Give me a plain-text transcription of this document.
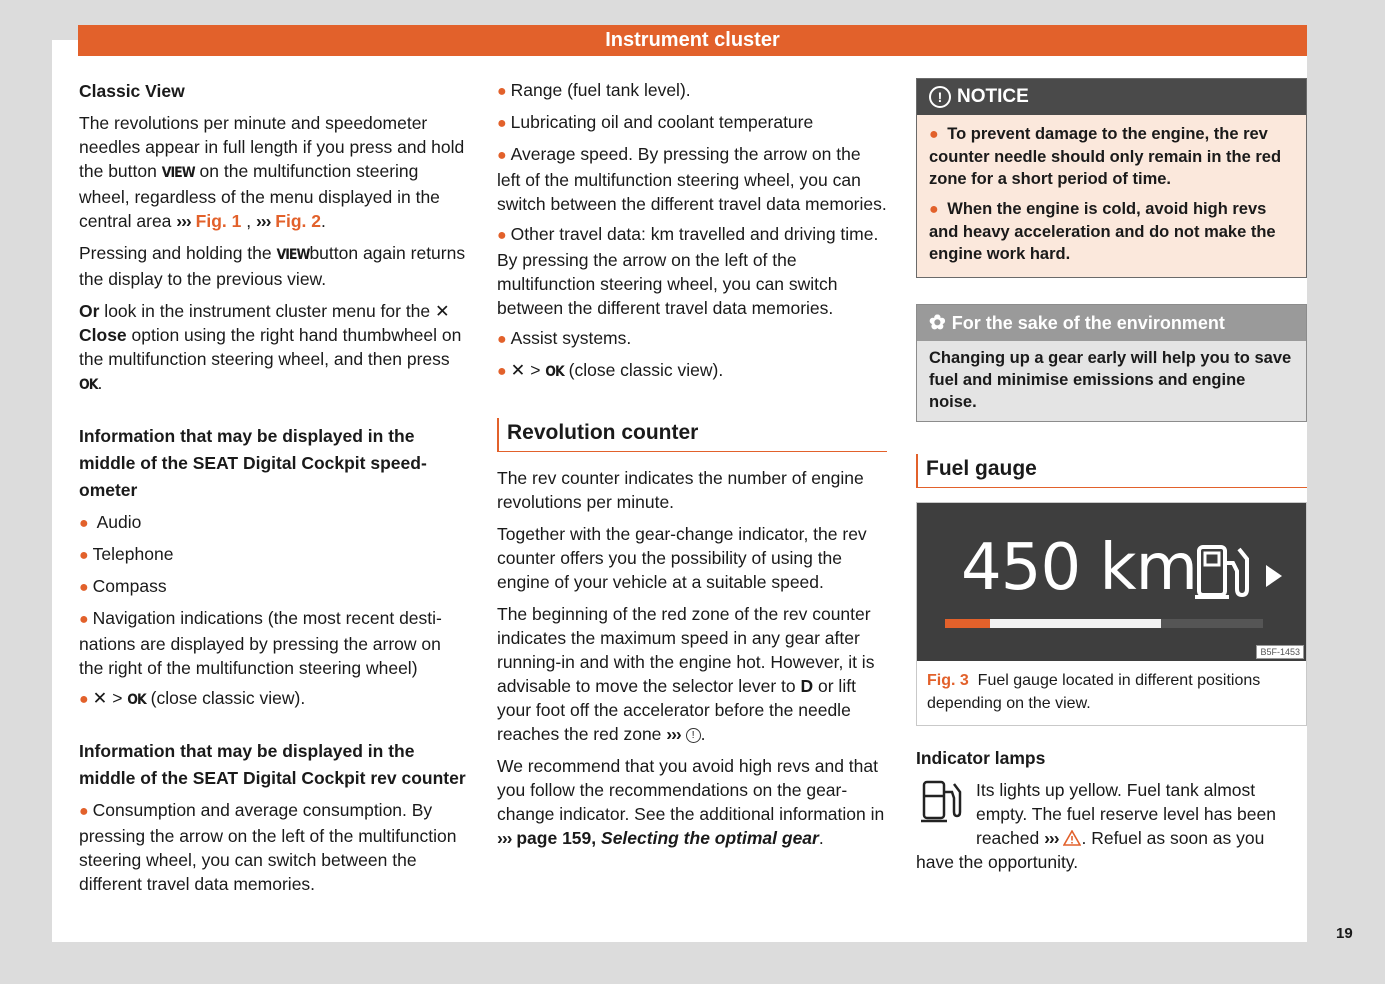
Instrument cluster
Classic View

The revolutions per minute and speedometer needles appear in full length if you press and hold the button VIEW on the multifunction steering wheel, regardless of the menu displayed in the central area ››› Fig. 1 , ››› Fig. 2.

Pressing and holding the VIEWbutton again returns the display to the previous view.

Or look in the instrument cluster menu for the ✕
Close option using the right hand thumbwheel on the multifunction steering wheel, and then press OK.

Information that may be displayed in the middle of the SEAT Digital Cockpit speedometer
● Audio
● Telephone
● Compass
● Navigation indications (the most recent destinations are displayed by pressing the arrow on the right of the multifunction steering wheel)
● ✕ > OK (close classic view).
Information that may be displayed in the middle of the SEAT Digital Cockpit rev counter
● Consumption and average consumption. By pressing the arrow on the left of the multifunction steering wheel, you can switch between the different travel data memories.
● Range (fuel tank level).
● Lubricating oil and coolant temperature
● Average speed. By pressing the arrow on the left of the multifunction steering wheel, you can switch between the different travel data memories.
● Other travel data: km travelled and driving time. By pressing the arrow on the left of the multifunction steering wheel, you can switch between the different travel data memories.
● Assist systems.
● ✕ > OK (close classic view).
Revolution counter

The rev counter indicates the number of engine revolutions per minute.

Together with the gear-change indicator, the rev counter offers you the possibility of using the engine of your vehicle at a suitable speed.

The beginning of the red zone of the rev counter indicates the maximum speed in any gear after running-in and with the engine hot. However, it is advisable to move the selector lever to D or lift your foot off the accelerator before the needle reaches the red zone ››› ! .

We recommend that you avoid high revs and that you follow the recommendations on the gear-change indicator. See the additional information in ››› page 159, Selecting the optimal gear.

! NOTICE

● To prevent damage to the engine, the rev counter needle should only remain in the red zone for a short period of time.

● When the engine is cold, avoid high revs and heavy acceleration and do not make the engine work hard.

✿ For the sake of the environment
Changing up a gear early will help you to save fuel and minimise emissions and engine noise.
Fuel gauge
450 km
B5F-1453
Fig. 3 Fuel gauge located in different positions depending on the view.
Indicator lamps
Its lights up yellow. Fuel tank almost empty. The fuel reserve level has been reached ››› . Refuel as soon as you have the opportunity.
19
